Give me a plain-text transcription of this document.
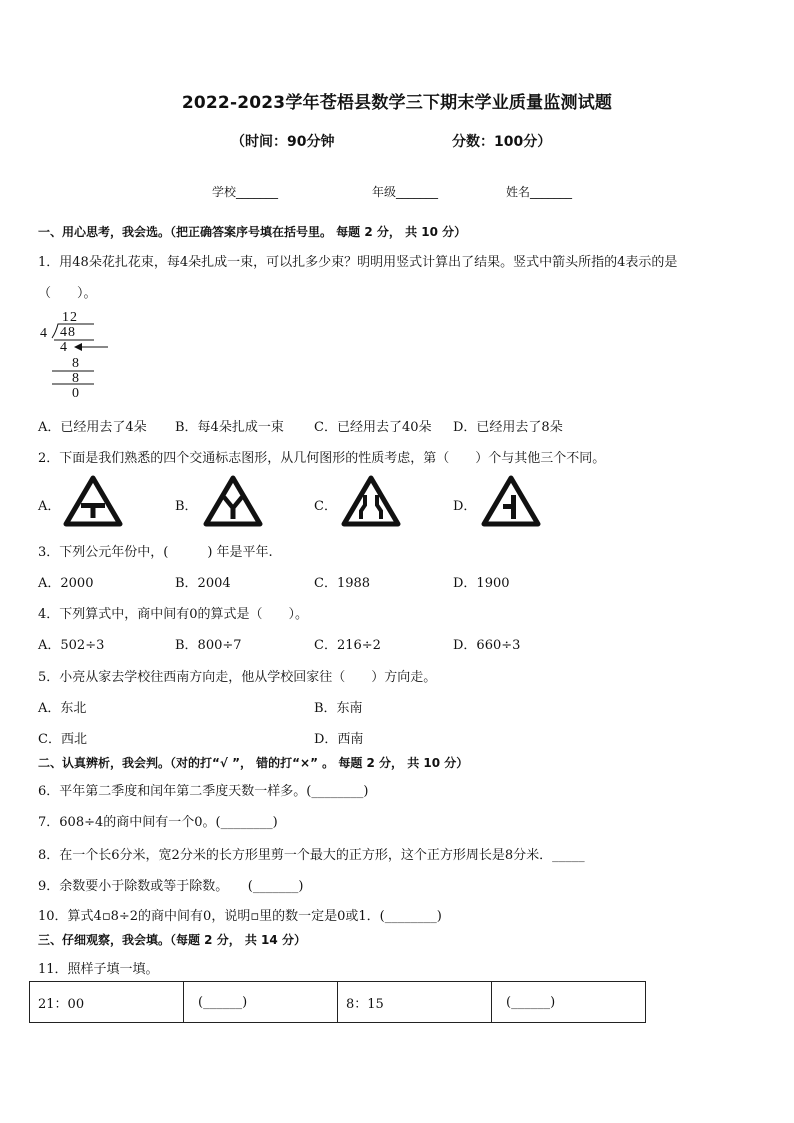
2022-2023学年苍梧县数学三下期末学业质量监测试题
（时间：90分钟	分数：100分）
学校_______	年级_______	姓名_______
一、用心思考，我会选。（把正确答案序号填在括号里。 每题 2 分， 共 10 分）
1．用48朵花扎花束，每4朵扎成一束，可以扎多少束？明明用竖式计算出了结果。竖式中箭头所指的4表示的是
（　　）。
12
4 48
4
8
8
0
A．已经用去了4朵 B．每4朵扎成一束 C．已经用去了40朵 D．已经用去了8朵
2．下面是我们熟悉的四个交通标志图形，从几何图形的性质考虑，第（　　）个与其他三个不同。
A．	B．	C．	D．
3．下列公元年份中，(　　　) 年是平年.
A．2000	B．2004	C．1988	D．1900
4．下列算式中，商中间有0的算式是（　　）。
A．502÷3	B．800÷7	C．216÷2	D．660÷3
5．小亮从家去学校往西南方向走，他从学校回家往（　　）方向走。
A．东北	B．东南
C．西北	D．西南
二、认真辨析，我会判。（对的打“√ ”， 错的打“×” 。 每题 2 分， 共 10 分）
6．平年第二季度和闰年第二季度天数一样多。(________)
7．608÷4的商中间有一个0。(________)
8．在一个长6分米，宽2分米的长方形里剪一个最大的正方形，这个正方形周长是8分米．_____
9．余数要小于除数或等于除数。　　(_______)
10．算式4▫8÷2的商中间有0，说明▫里的数一定是0或1．(________)
三、仔细观察，我会填。（每题 2 分， 共 14 分）
11．照样子填一填。
21：00	(______)	8：15	(______)
